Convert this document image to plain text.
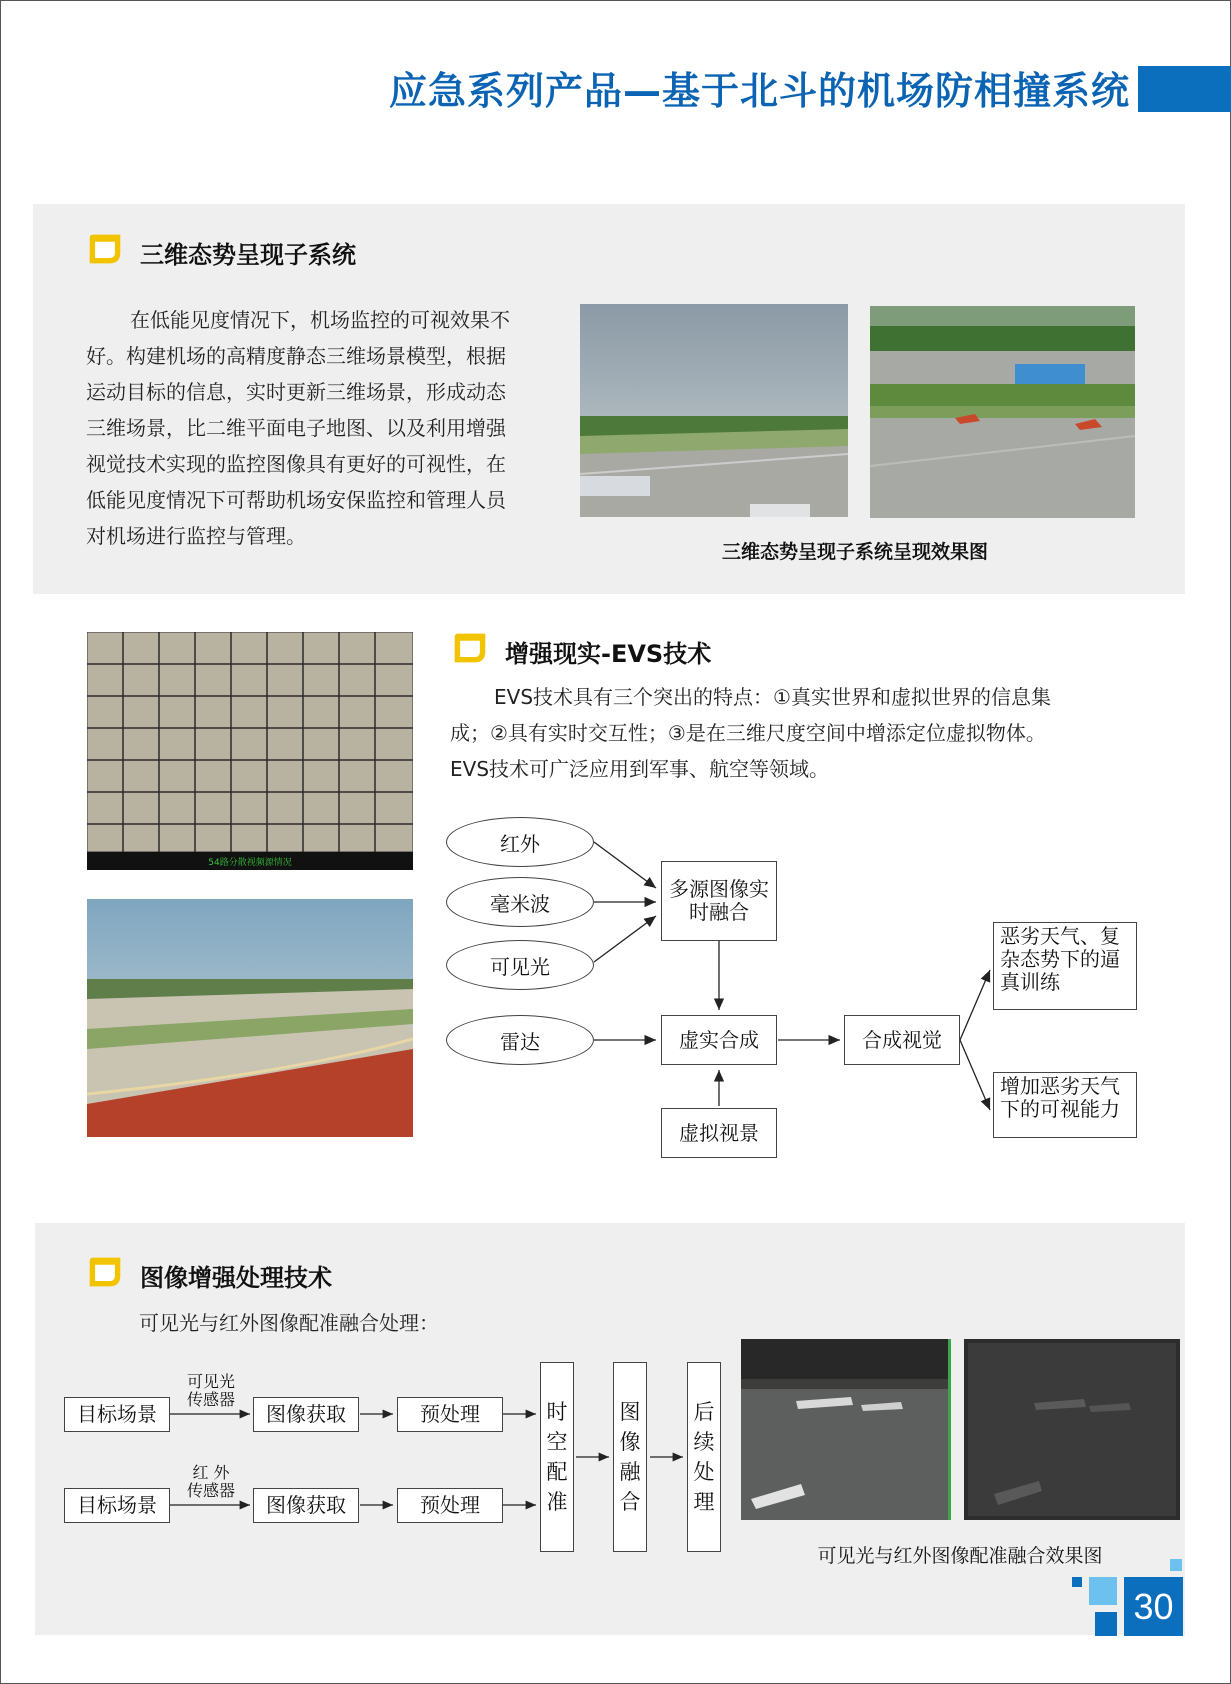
应急系列产品—基于北斗的机场防相撞系统
三维态势呈现子系统
在低能见度情况下，机场监控的可视效果不
好。构建机场的高精度静态三维场景模型，根据
运动目标的信息，实时更新三维场景，形成动态
三维场景，比二维平面电子地图、以及利用增强
视觉技术实现的监控图像具有更好的可视性，在
低能见度情况下可帮助机场安保监控和管理人员
对机场进行监控与管理。
三维态势呈现子系统呈现效果图
54路分散视频源情况
增强现实-EVS技术
EVS技术具有三个突出的特点：①真实世界和虚拟世界的信息集
成；②具有实时交互性；③是在三维尺度空间中增添定位虚拟物体。
EVS技术可广泛应用到军事、航空等领域。
红外
毫米波
可见光
雷达
多源图像实时融合
虚实合成
虚拟视景
合成视觉
恶劣天气、复杂态势下的逼真训练
增加恶劣天气下的可视能力
图像增强处理技术
可见光与红外图像配准融合处理：
目标场景
目标场景
可见光
传感器
红 外
传感器
图像获取
图像获取
预处理
预处理
时空配准
图像融合
后续处理
可见光与红外图像配准融合效果图
30
